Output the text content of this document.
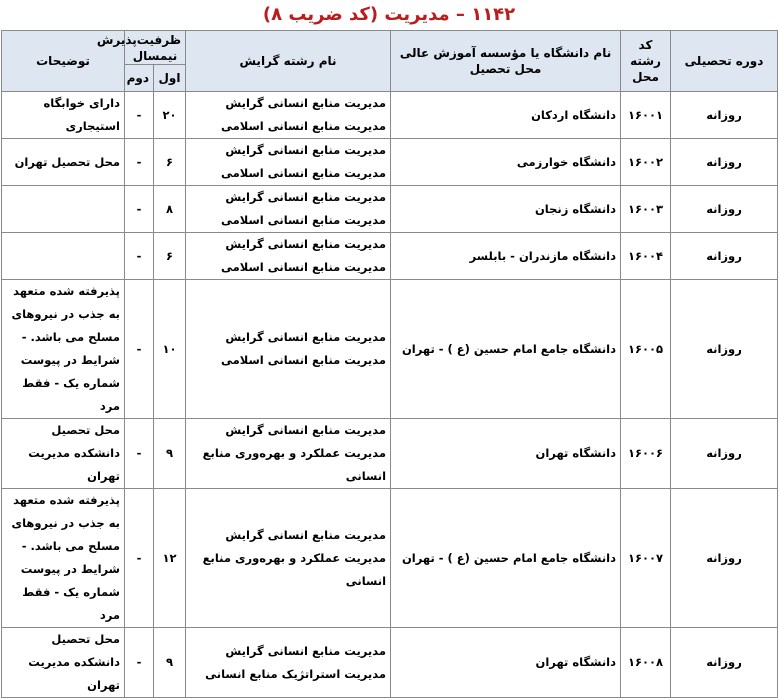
۱۱۴۲ – مدیریت (کد ضریب ۸)
دوره تحصیلی	کد رشته محل	نام دانشگاه یا مؤسسه آموزش عالی محل تحصیل	نام رشته گرایش	ظرفیت‌پذیرش نیمسال		توضیحات
				اول	دوم	
روزانه	۱۶۰۰۱	دانشگاه اردکان	مدیریت منابع انسانی گرایش مدیریت منابع انسانی اسلامی	۲۰	-	دارای خوابگاه استیجاری
روزانه	۱۶۰۰۲	دانشگاه خوارزمی	مدیریت منابع انسانی گرایش مدیریت منابع انسانی اسلامی	۶	-	محل تحصیل تهران
روزانه	۱۶۰۰۳	دانشگاه زنجان	مدیریت منابع انسانی گرایش مدیریت منابع انسانی اسلامی	۸	-	
روزانه	۱۶۰۰۴	دانشگاه مازندران - بابلسر	مدیریت منابع انسانی گرایش مدیریت منابع انسانی اسلامی	۶	-	
روزانه	۱۶۰۰۵	دانشگاه جامع امام حسین (ع ) - تهران	مدیریت منابع انسانی گرایش مدیریت منابع انسانی اسلامی	۱۰	-	پذیرفته شده متعهد به جذب در نیروهای مسلح می باشد. - شرایط در پیوست شماره یک - فقط مرد
روزانه	۱۶۰۰۶	دانشگاه تهران	مدیریت منابع انسانی گرایش مدیریت عملکرد و بهره‌وری منابع انسانی	۹	-	محل تحصیل دانشکده مدیریت تهران
روزانه	۱۶۰۰۷	دانشگاه جامع امام حسین (ع ) - تهران	مدیریت منابع انسانی گرایش مدیریت عملکرد و بهره‌وری منابع انسانی	۱۲	-	پذیرفته شده متعهد به جذب در نیروهای مسلح می باشد. - شرایط در پیوست شماره یک - فقط مرد
روزانه	۱۶۰۰۸	دانشگاه تهران	مدیریت منابع انسانی گرایش مدیریت استراتژیک منابع انسانی	۹	-	محل تحصیل دانشکده مدیریت تهران
